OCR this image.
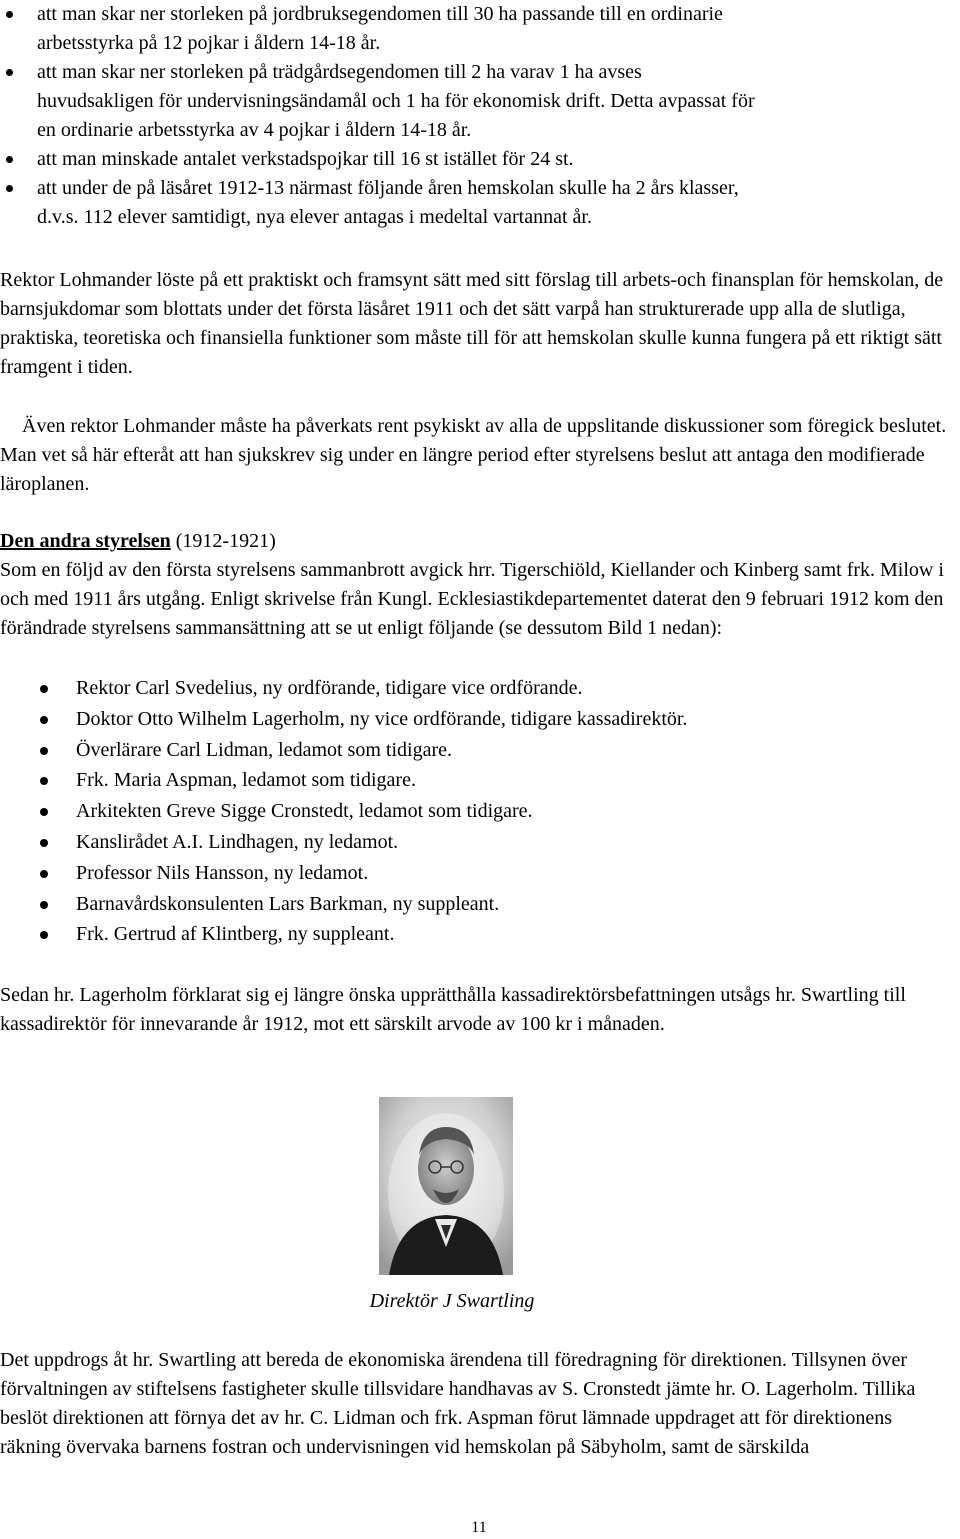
att man skar ner storleken på jordbruksegendomen till 30 ha passande till en ordinarie
arbetsstyrka på 12 pojkar i åldern 14-18 år.
att man skar ner storleken på trädgårdsegendomen till 2 ha varav 1 ha avses
huvudsakligen för undervisningsändamål och 1 ha för ekonomisk drift. Detta avpassat för
en ordinarie arbetsstyrka av 4 pojkar i åldern 14-18 år.
att man minskade antalet verkstadspojkar till 16 st istället för 24 st.
att under de på läsåret 1912-13 närmast följande åren hemskolan skulle ha 2 års klasser,
d.v.s. 112 elever samtidigt, nya elever antagas i medeltal vartannat år.

Rektor Lohmander löste på ett praktiskt och framsynt sätt med sitt förslag till arbets-och finansplan för hemskolan, de barnsjukdomar som blottats under det första läsåret 1911 och det sätt varpå han strukturerade upp alla de slutliga, praktiska, teoretiska och finansiella funktioner som måste till för att hemskolan skulle kunna fungera på ett riktigt sätt framgent i tiden.

Även rektor Lohmander måste ha påverkats rent psykiskt av alla de uppslitande diskussioner som föregick beslutet. Man vet så här efteråt att han sjukskrev sig under en längre period efter styrelsens beslut att antaga den modifierade läroplanen.

Den andra styrelsen (1912-1921)

Som en följd av den första styrelsens sammanbrott avgick hrr. Tigerschiöld, Kiellander och Kinberg samt frk. Milow i och med 1911 års utgång. Enligt skrivelse från Kungl. Ecklesiastikdepartementet daterat den 9 februari 1912 kom den förändrade styrelsens sammansättning att se ut enligt följande (se dessutom Bild 1 nedan):

Rektor Carl Svedelius, ny ordförande, tidigare vice ordförande.
Doktor Otto Wilhelm Lagerholm, ny vice ordförande, tidigare kassadirektör.
Överlärare Carl Lidman, ledamot som tidigare.
Frk. Maria Aspman, ledamot som tidigare.
Arkitekten Greve Sigge Cronstedt, ledamot som tidigare.
Kanslirådet A.I. Lindhagen, ny ledamot.
Professor Nils Hansson, ny ledamot.
Barnavårdskonsulenten Lars Barkman, ny suppleant.
Frk. Gertrud af Klintberg, ny suppleant.

Sedan hr. Lagerholm förklarat sig ej längre önska upprätthålla kassadirektörsbefattningen utsågs hr. Swartling till kassadirektör för innevarande år 1912, mot ett särskilt arvode av 100 kr i månaden.

Direktör J Swartling

Det uppdrogs åt hr. Swartling att bereda de ekonomiska ärendena till föredragning för direktionen. Tillsynen över förvaltningen av stiftelsens fastigheter skulle tillsvidare handhavas av S. Cronstedt jämte hr. O. Lagerholm. Tillika beslöt direktionen att förnya det av hr. C. Lidman och frk. Aspman förut lämnade uppdraget att för direktionens räkning övervaka barnens fostran och undervisningen vid hemskolan på Säbyholm, samt de särskilda

11
